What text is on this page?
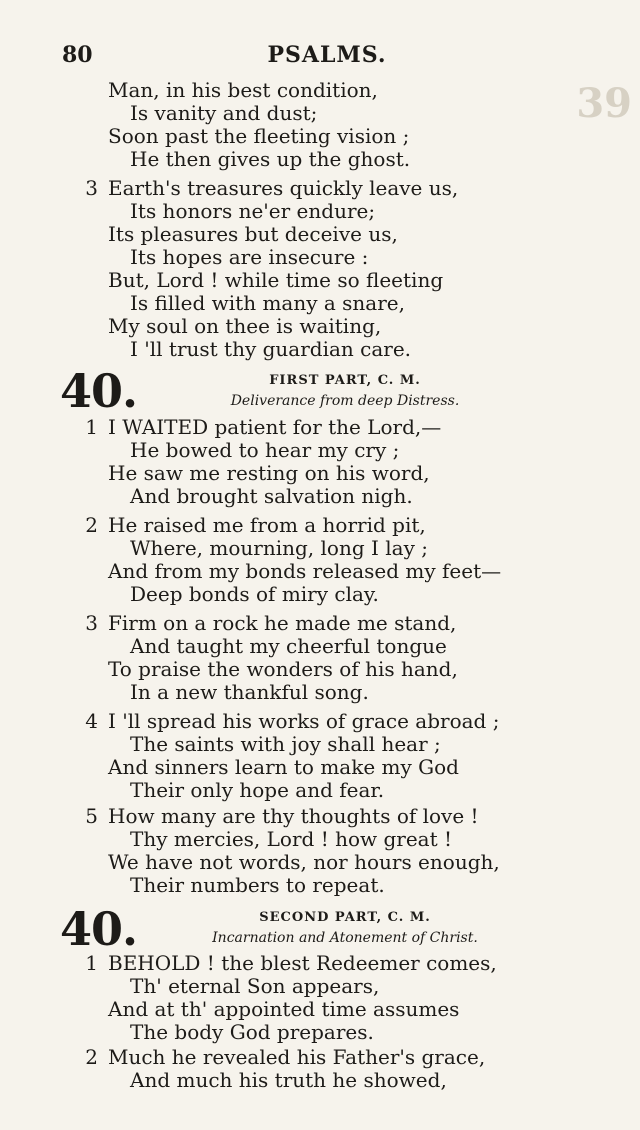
80	PSALMS.
39
Man, in his best condition,
Is vanity and dust;
Soon past the fleeting vision ;
He then gives up the ghost.
3 Earth's treasures quickly leave us,
Its honors ne'er endure;
Its pleasures but deceive us,
Its hopes are insecure :
But, Lord ! while time so fleeting
Is filled with many a snare,
My soul on thee is waiting,
I 'll trust thy guardian care.
40.	FIRST PART, C. M.
Deliverance from deep Distress.
1 I WAITED patient for the Lord,—
He bowed to hear my cry ;
He saw me resting on his word,
And brought salvation nigh.
2 He raised me from a horrid pit,
Where, mourning, long I lay ;
And from my bonds released my feet—
Deep bonds of miry clay.
3 Firm on a rock he made me stand,
And taught my cheerful tongue
To praise the wonders of his hand,
In a new thankful song.
4 I 'll spread his works of grace abroad ;
The saints with joy shall hear ;
And sinners learn to make my God
Their only hope and fear.
5 How many are thy thoughts of love !
Thy mercies, Lord ! how great !
We have not words, nor hours enough,
Their numbers to repeat.
40.	SECOND PART, C. M.
Incarnation and Atonement of Christ.
1 BEHOLD ! the blest Redeemer comes,
Th' eternal Son appears,
And at th' appointed time assumes
The body God prepares.
2 Much he revealed his Father's grace,
And much his truth he showed,
